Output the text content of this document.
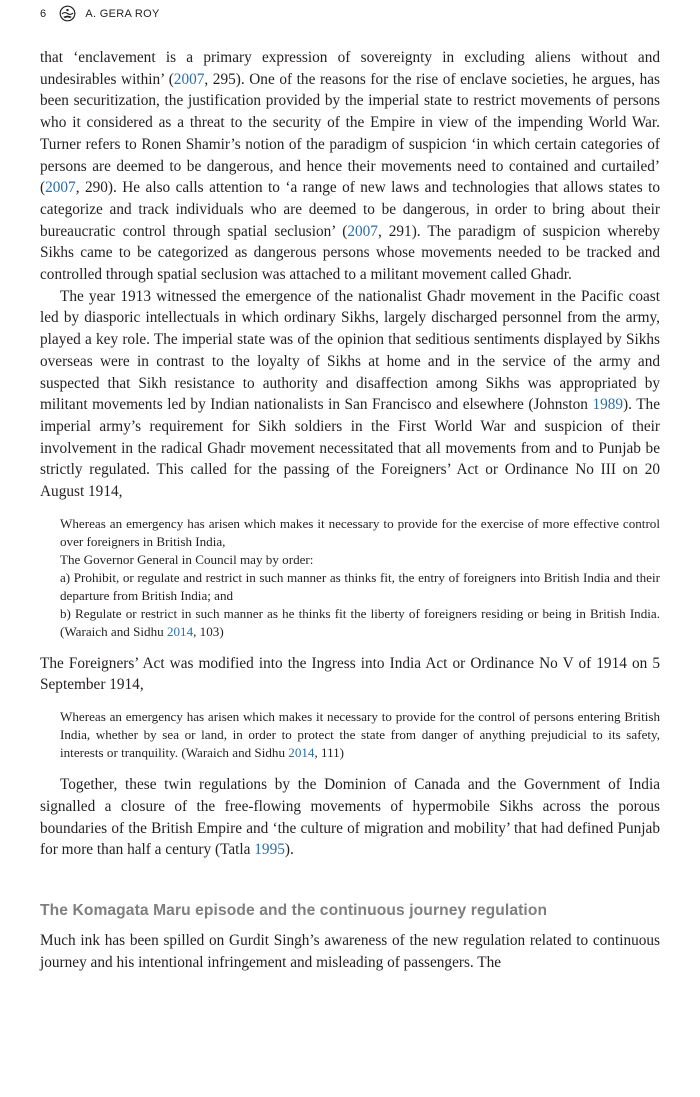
6	A. GERA ROY

that ‘enclavement is a primary expression of sovereignty in excluding aliens without and undesirables within’ (2007, 295). One of the reasons for the rise of enclave societies, he argues, has been securitization, the justification provided by the imperial state to restrict movements of persons who it considered as a threat to the security of the Empire in view of the impending World War. Turner refers to Ronen Shamir’s notion of the paradigm of suspicion ‘in which certain categories of persons are deemed to be dangerous, and hence their movements need to contained and curtailed’ (2007, 290). He also calls attention to ‘a range of new laws and technologies that allows states to categorize and track individuals who are deemed to be dangerous, in order to bring about their bureaucratic control through spatial seclusion’ (2007, 291). The paradigm of suspicion whereby Sikhs came to be categorized as dangerous persons whose movements needed to be tracked and controlled through spatial seclusion was attached to a militant movement called Ghadr.

The year 1913 witnessed the emergence of the nationalist Ghadr movement in the Pacific coast led by diasporic intellectuals in which ordinary Sikhs, largely discharged personnel from the army, played a key role. The imperial state was of the opinion that seditious sentiments displayed by Sikhs overseas were in contrast to the loyalty of Sikhs at home and in the service of the army and suspected that Sikh resistance to authority and disaffection among Sikhs was appropriated by militant movements led by Indian nationalists in San Francisco and elsewhere (Johnston 1989). The imperial army’s requirement for Sikh soldiers in the First World War and suspicion of their involvement in the radical Ghadr movement necessitated that all movements from and to Punjab be strictly regulated. This called for the passing of the Foreigners’ Act or Ordinance No III on 20 August 1914,

Whereas an emergency has arisen which makes it necessary to provide for the exercise of more effective control over foreigners in British India,

The Governor General in Council may by order:

a) Prohibit, or regulate and restrict in such manner as thinks fit, the entry of foreigners into British India and their departure from British India; and

b) Regulate or restrict in such manner as he thinks fit the liberty of foreigners residing or being in British India. (Waraich and Sidhu 2014, 103)

The Foreigners’ Act was modified into the Ingress into India Act or Ordinance No V of 1914 on 5 September 1914,

Whereas an emergency has arisen which makes it necessary to provide for the control of persons entering British India, whether by sea or land, in order to protect the state from danger of anything prejudicial to its safety, interests or tranquility. (Waraich and Sidhu 2014, 111)

Together, these twin regulations by the Dominion of Canada and the Government of India signalled a closure of the free-flowing movements of hypermobile Sikhs across the porous boundaries of the British Empire and ‘the culture of migration and mobility’ that had defined Punjab for more than half a century (Tatla 1995).

The Komagata Maru episode and the continuous journey regulation

Much ink has been spilled on Gurdit Singh’s awareness of the new regulation related to continuous journey and his intentional infringement and misleading of passengers. The
